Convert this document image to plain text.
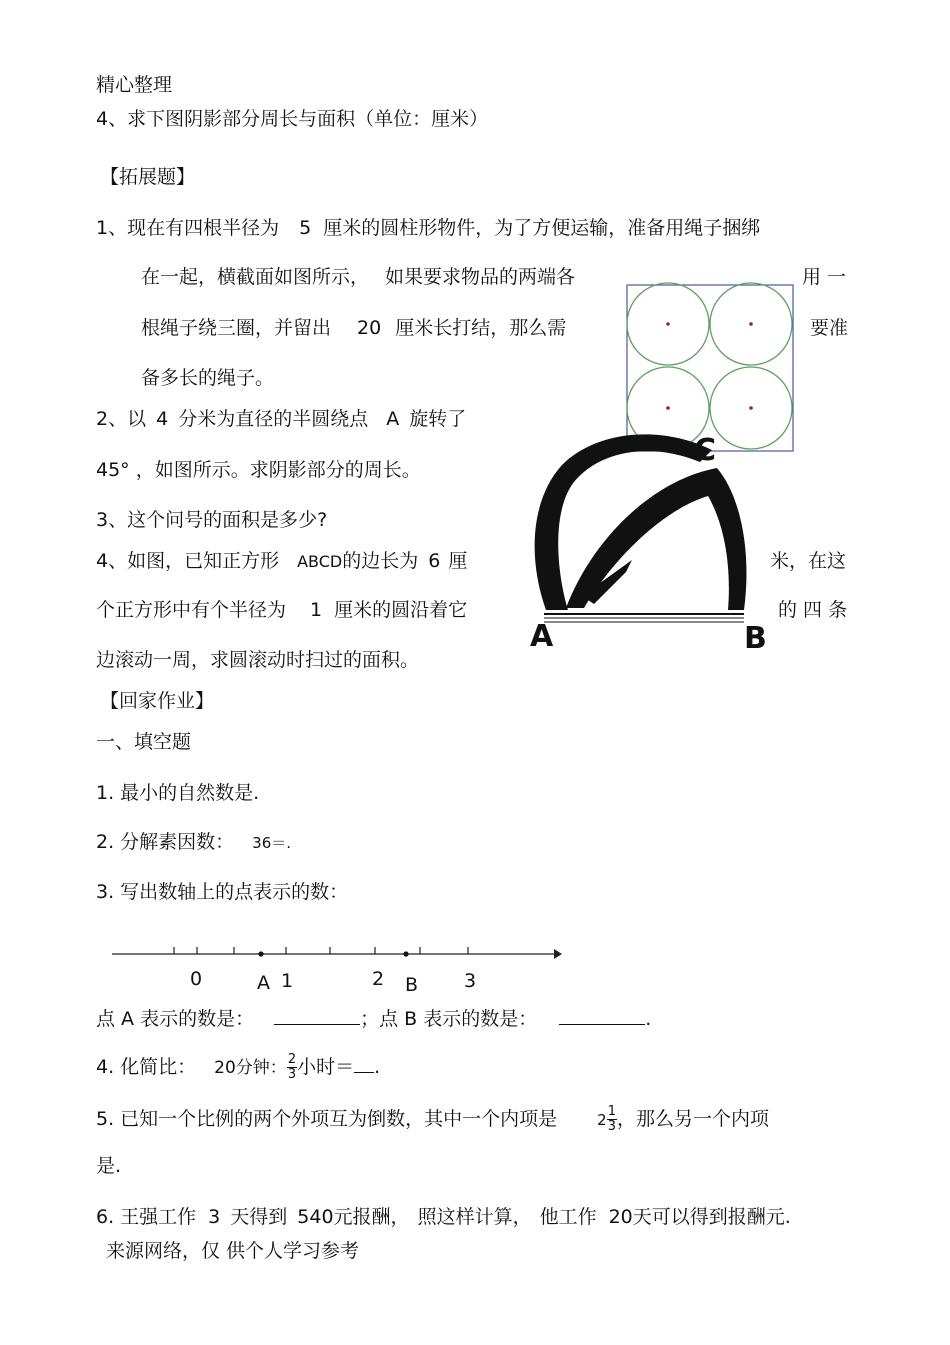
精心整理
4、求下图阴影部分周长与面积（单位：厘米）
【拓展题】
1、现在有四根半径为 5 厘米的圆柱形物件，为了方便运输，准备用绳子捆绑
在一起，横截面如图所示， 如果要求物品的两端各	用 一
根绳子绕三圈，并留出 20 厘米长打结，那么需	要准
备多长的绳子。
2、以 4 分米为直径的半圆绕点 A 旋转了
45° ，如图所示。求阴影部分的周长。
3、这个问号的面积是多少?
4、如图，已知正方形 ABCD的边长为 6 厘	米，在这
个正方形中有个半径为 1 厘米的圆沿着它	的 四 条
边滚动一周，求圆滚动时扫过的面积。
C
A	B
【回家作业】
一、填空题
1. 最小的自然数是.
2. 分解素因数： 36＝.
3. 写出数轴上的点表示的数：
0	A 1	2 B 3
点 A 表示的数是：	；点 B 表示的数是：	.
4. 化简比： 20分钟： $\frac{2}{3}$ 小时＝ .
5. 已知一个比例的两个外项互为倒数，其中一个内项是	$2 \frac{1}{3}$ ，那么另一个内项
是.
6. 王强工作 3 天得到 540元报酬， 照这样计算， 他工作 20天可以得到报酬元.
来源网络，仅 供个人学习参考
